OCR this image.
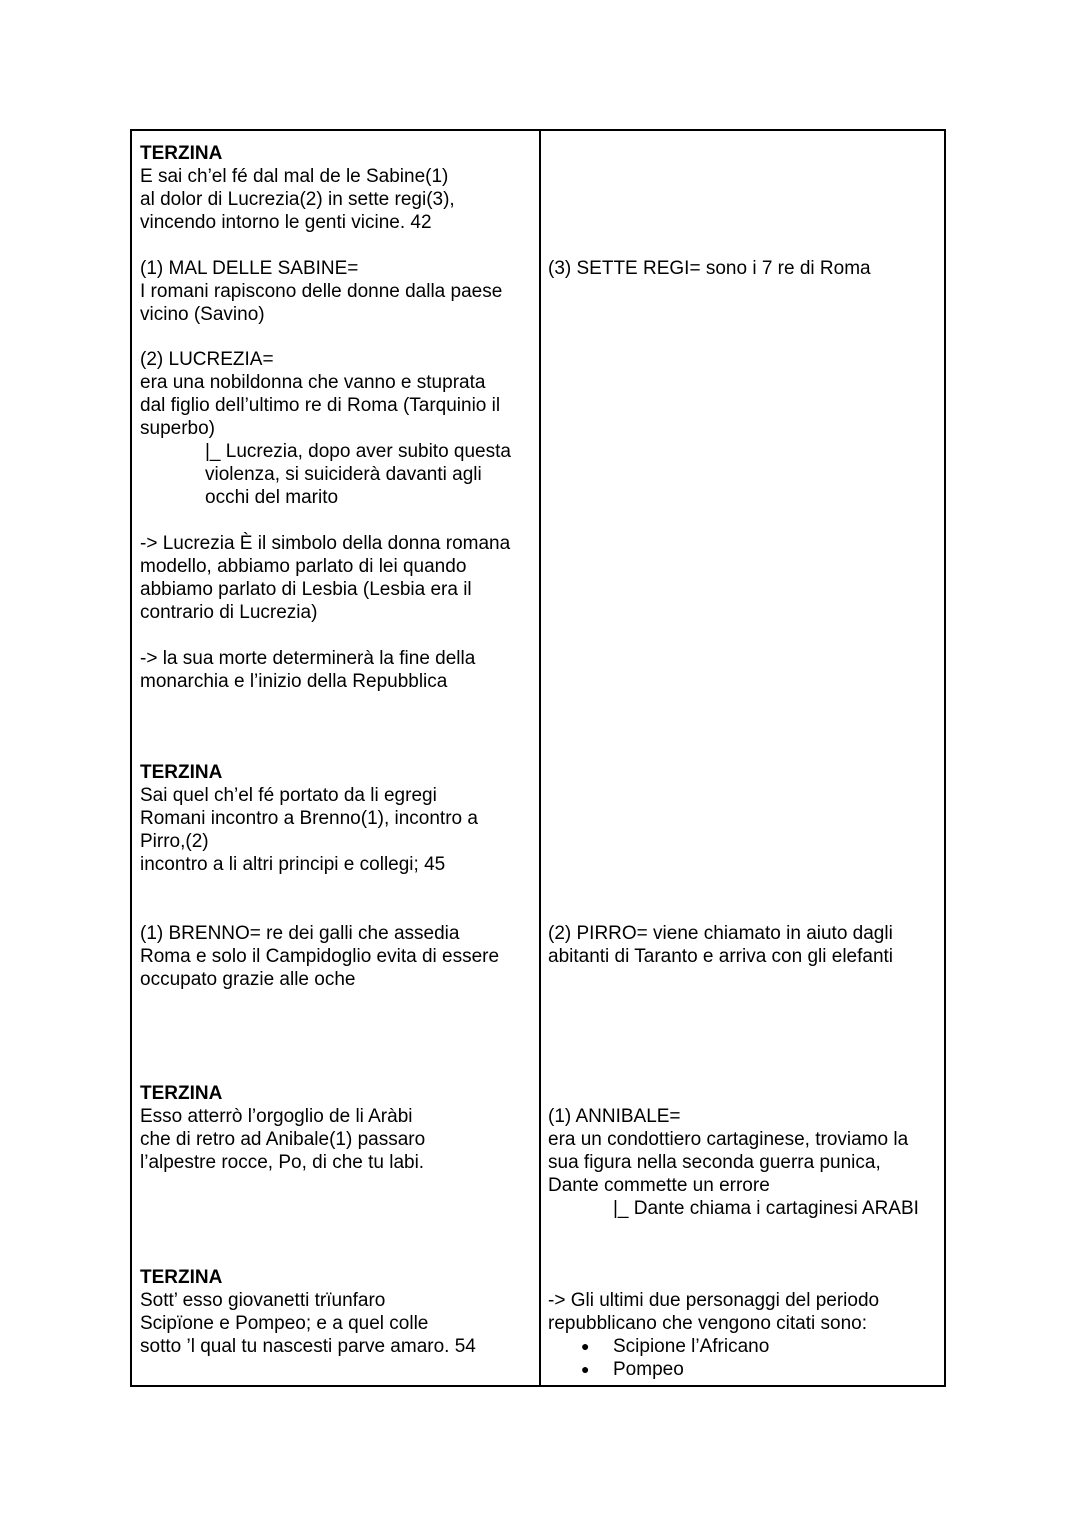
TERZINA
E sai ch’el fé dal mal de le Sabine(1)
al dolor di Lucrezia(2) in sette regi(3),
vincendo intorno le genti vicine. 42
(1) MAL DELLE SABINE=
I romani rapiscono delle donne dalla paese
vicino (Savino)
(3) SETTE REGI= sono i 7 re di Roma
(2) LUCREZIA=
era una nobildonna che vanno e stuprata
dal figlio dell’ultimo re di Roma (Tarquinio il
superbo)
|_ Lucrezia, dopo aver subito questa
violenza, si suiciderà davanti agli
occhi del marito
-> Lucrezia È il simbolo della donna romana
modello, abbiamo parlato di lei quando
abbiamo parlato di Lesbia (Lesbia era il
contrario di Lucrezia)
-> la sua morte determinerà la fine della
monarchia e l’inizio della Repubblica
TERZINA
Sai quel ch’el fé portato da li egregi
Romani incontro a Brenno(1), incontro a
Pirro,(2)
incontro a li altri principi e collegi; 45
(1) BRENNO= re dei galli che assedia
Roma e solo il Campidoglio evita di essere
occupato grazie alle oche
(2) PIRRO= viene chiamato in aiuto dagli
abitanti di Taranto e arriva con gli elefanti
TERZINA
Esso atterrò l’orgoglio de li Aràbi
che di retro ad Anibale(1) passaro
l’alpestre rocce, Po, di che tu labi.
(1) ANNIBALE=
era un condottiero cartaginese, troviamo la
sua figura nella seconda guerra punica,
Dante commette un errore
|_ Dante chiama i cartaginesi ARABI
TERZINA
Sott’ esso giovanetti trïunfaro
Scipïone e Pompeo; e a quel colle
sotto ’l qual tu nascesti parve amaro. 54
-> Gli ultimi due personaggi del periodo
repubblicano che vengono citati sono:
● Scipione l’Africano
● Pompeo
